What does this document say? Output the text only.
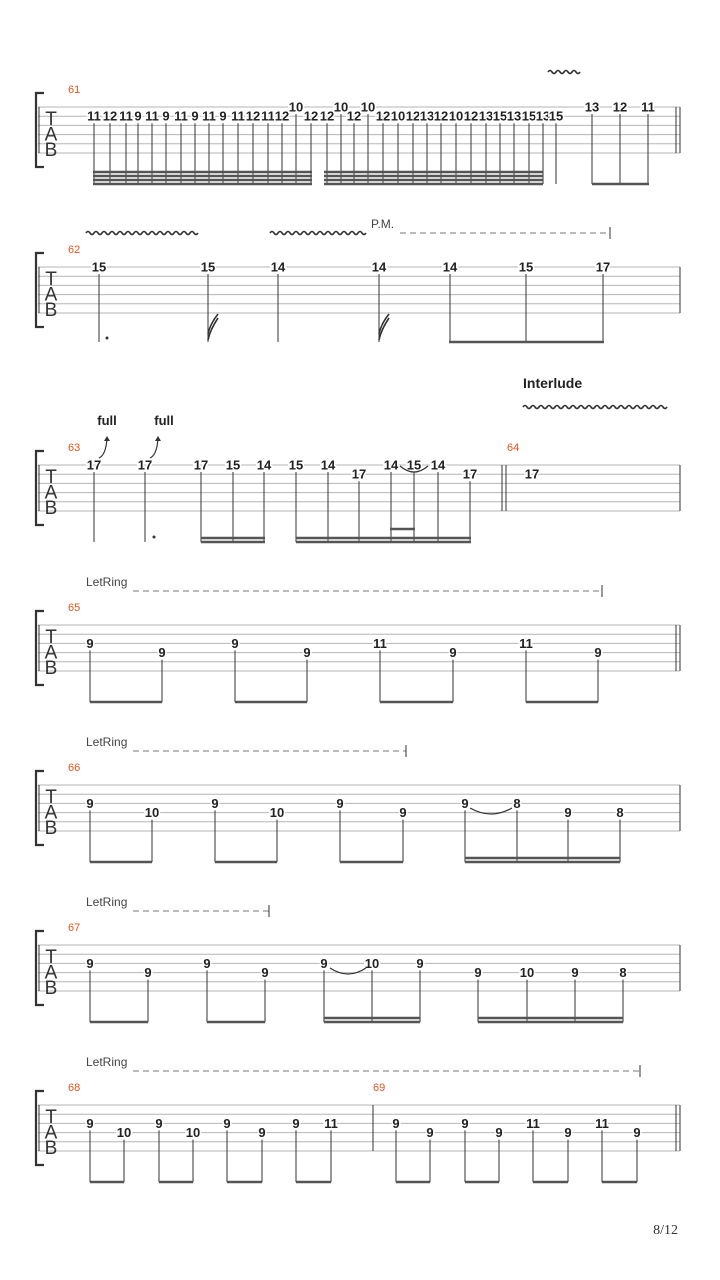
T
A
B
T
A
B
T
A
B
T
A
B
T
A
B
T
A
B
T
A
B
61
62
63	64
65
66
67
68	69
11 12 11 9 11 9 11 9 11 9 11 12 11 12
10
12 12
10
12
10
12 10 12 13 12 10 12 13 15 13 15 13
15
13 12 11
15	15	14	14	14	15	17
17	17	17 15 14 15 14
17
14 15 14
17	17
9
9
9
9
11
9
11
9
9
10
9
10
9
9
9	8
9	8
9
9
9
9
9	10	9
9	10	9	8
9
10
9
10
9
9
9 11	9
9
9
9
11
9
11
9
full	full
Interlude
P.M.
LetRing
LetRing
LetRing
LetRing
8/12
